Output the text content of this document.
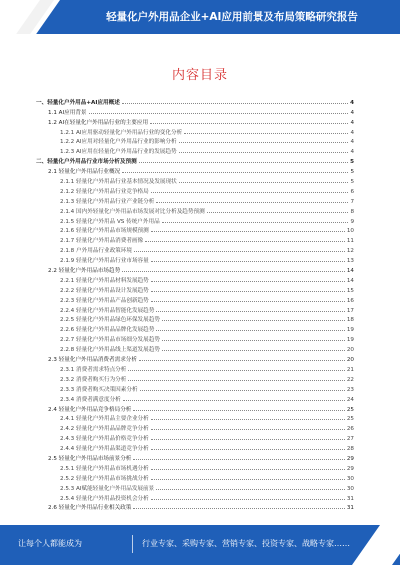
轻量化户外用品企业+AI应用前景及布局策略研究报告
内容目录
一、轻量化户外用品+AI应用概述	4
1.1 AI应用背景	4
1.2 AI在轻量化户外用品行业的主要应用	4
1.2.1 AI应用驱动轻量化户外用品行业的变化分析	4
1.2.2 AI应用对轻量化户外用品行业的影响分析	4
1.2.3 AI应用在轻量化户外用品行业的发展趋势	4
二、轻量化户外用品行业市场分析及预测	5
2.1 轻量化户外用品行业概况	5
2.1.1 轻量化户外用品行业基本情况及发展现状	5
2.1.2 轻量化户外用品行业竞争格局	6
2.1.3 轻量化户外用品行业产业链分析	7
2.1.4 国内外轻量化户外用品市场发展对比分析及趋势预测	8
2.1.5 轻量化户外用品 VS 传统户外用品	9
2.1.6 轻量化户外用品市场规模预测	10
2.1.7 轻量化户外用品消费者画像	11
2.1.8 户外用品行业政策环境	12
2.1.9 轻量化户外用品行业市场容量	13
2.2 轻量化户外用品市场趋势	14
2.2.1 轻量化户外用品材料发展趋势	14
2.2.2 轻量化户外用品设计发展趋势	15
2.2.3 轻量化户外用品产品创新趋势	16
2.2.4 轻量化户外用品智能化发展趋势	17
2.2.5 轻量化户外用品绿色环保发展趋势	18
2.2.6 轻量化户外用品品牌化发展趋势	19
2.2.7 轻量化户外用品市场细分发展趋势	19
2.2.8 轻量化户外用品线上渠道发展趋势	20
2.3 轻量化户外用品消费者需求分析	20
2.3.1 消费者需求特点分析	21
2.3.2 消费者购买行为分析	22
2.3.3 消费者购买决策因素分析	23
2.3.4 消费者满意度分析	24
2.4 轻量化户外用品竞争格局分析	25
2.4.1 轻量化户外用品主要企业分析	25
2.4.2 轻量化户外用品品牌竞争分析	26
2.4.3 轻量化户外用品价格竞争分析	27
2.4.4 轻量化户外用品渠道竞争分析	28
2.5 轻量化户外用品市场前景分析	29
2.5.1 轻量化户外用品市场机遇分析	29
2.5.2 轻量化户外用品市场挑战分析	30
2.5.3 AI赋能轻量化户外用品发展前景	30
2.5.4 轻量化户外用品投资机会分析	31
2.6 轻量化户外用品行业相关政策	31
让每个人都能成为	行业专家、采购专家、营销专家、投资专家、战略专家……
